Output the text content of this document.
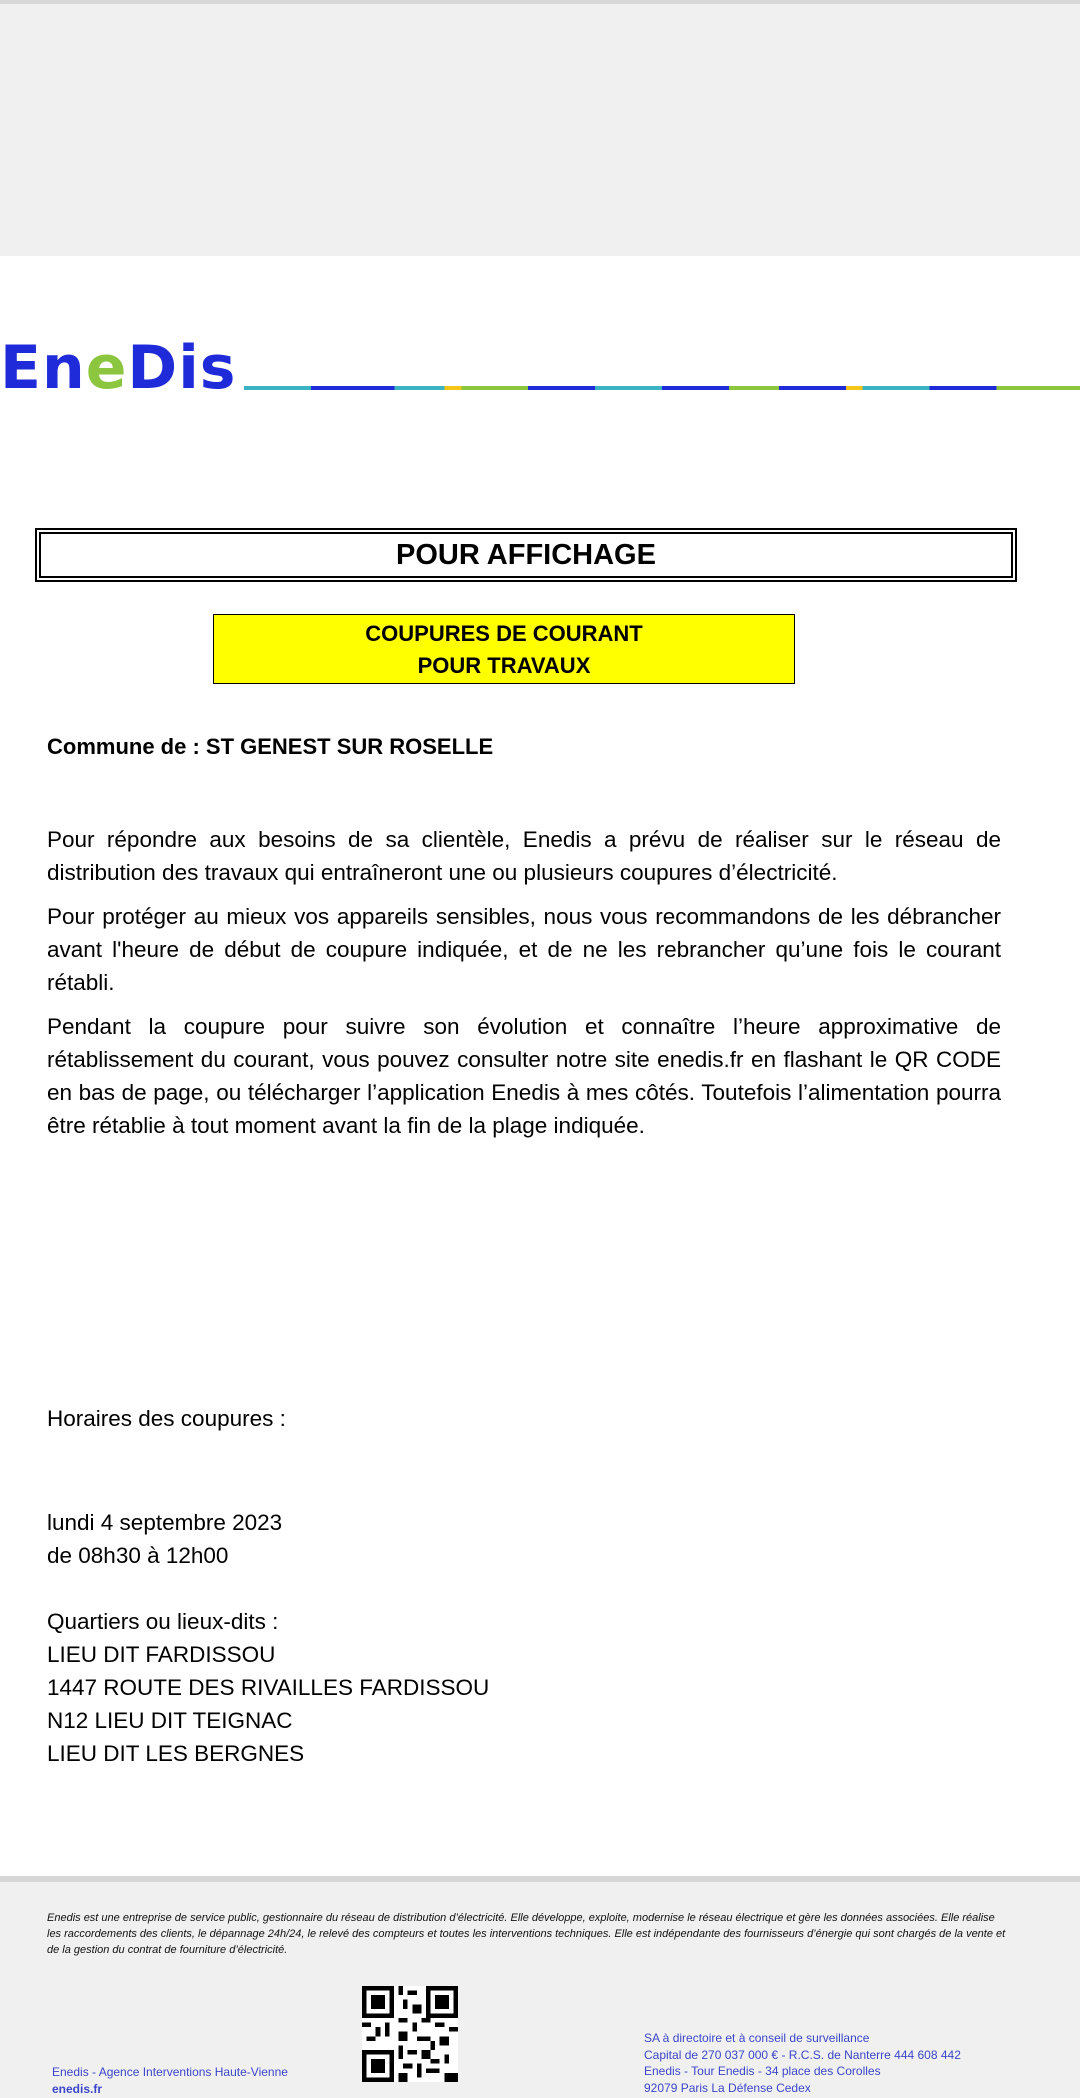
EneDis
POUR AFFICHAGE
COUPURES DE COURANT
POUR TRAVAUX
Commune de : ST GENEST SUR ROSELLE

Pour répondre aux besoins de sa clientèle, Enedis a prévu de réaliser sur le réseau de distribution des travaux qui entraîneront une ou plusieurs coupures d’électricité.

Pour protéger au mieux vos appareils sensibles, nous vous recommandons de les débrancher avant l'heure de début de coupure indiquée, et de ne les rebrancher qu’une fois le courant rétabli.

Pendant la coupure pour suivre son évolution et connaître l’heure approximative de rétablissement du courant, vous pouvez consulter notre site enedis.fr en flashant le QR CODE en bas de page, ou télécharger l’application Enedis à mes côtés. Toutefois l’alimentation pourra être rétablie à tout moment avant la fin de la plage indiquée.

Horaires des coupures :
lundi 4 septembre 2023
de 08h30 à 12h00
Quartiers ou lieux-dits :
LIEU DIT FARDISSOU
1447 ROUTE DES RIVAILLES FARDISSOU
N12 LIEU DIT TEIGNAC
LIEU DIT LES BERGNES
Enedis est une entreprise de service public, gestionnaire du réseau de distribution d’électricité. Elle développe, exploite, modernise le réseau électrique et gère les données associées. Elle réalise les raccordements des clients, le dépannage 24h/24, le relevé des compteurs et toutes les interventions techniques. Elle est indépendante des fournisseurs d’énergie qui sont chargés de la vente et de la gestion du contrat de fourniture d’électricité.
Enedis - Agence Interventions Haute-Vienne
enedis.fr
SA à directoire et à conseil de surveillance
Capital de 270 037 000 € - R.C.S. de Nanterre 444 608 442
Enedis - Tour Enedis - 34 place des Corolles
92079 Paris La Défense Cedex
